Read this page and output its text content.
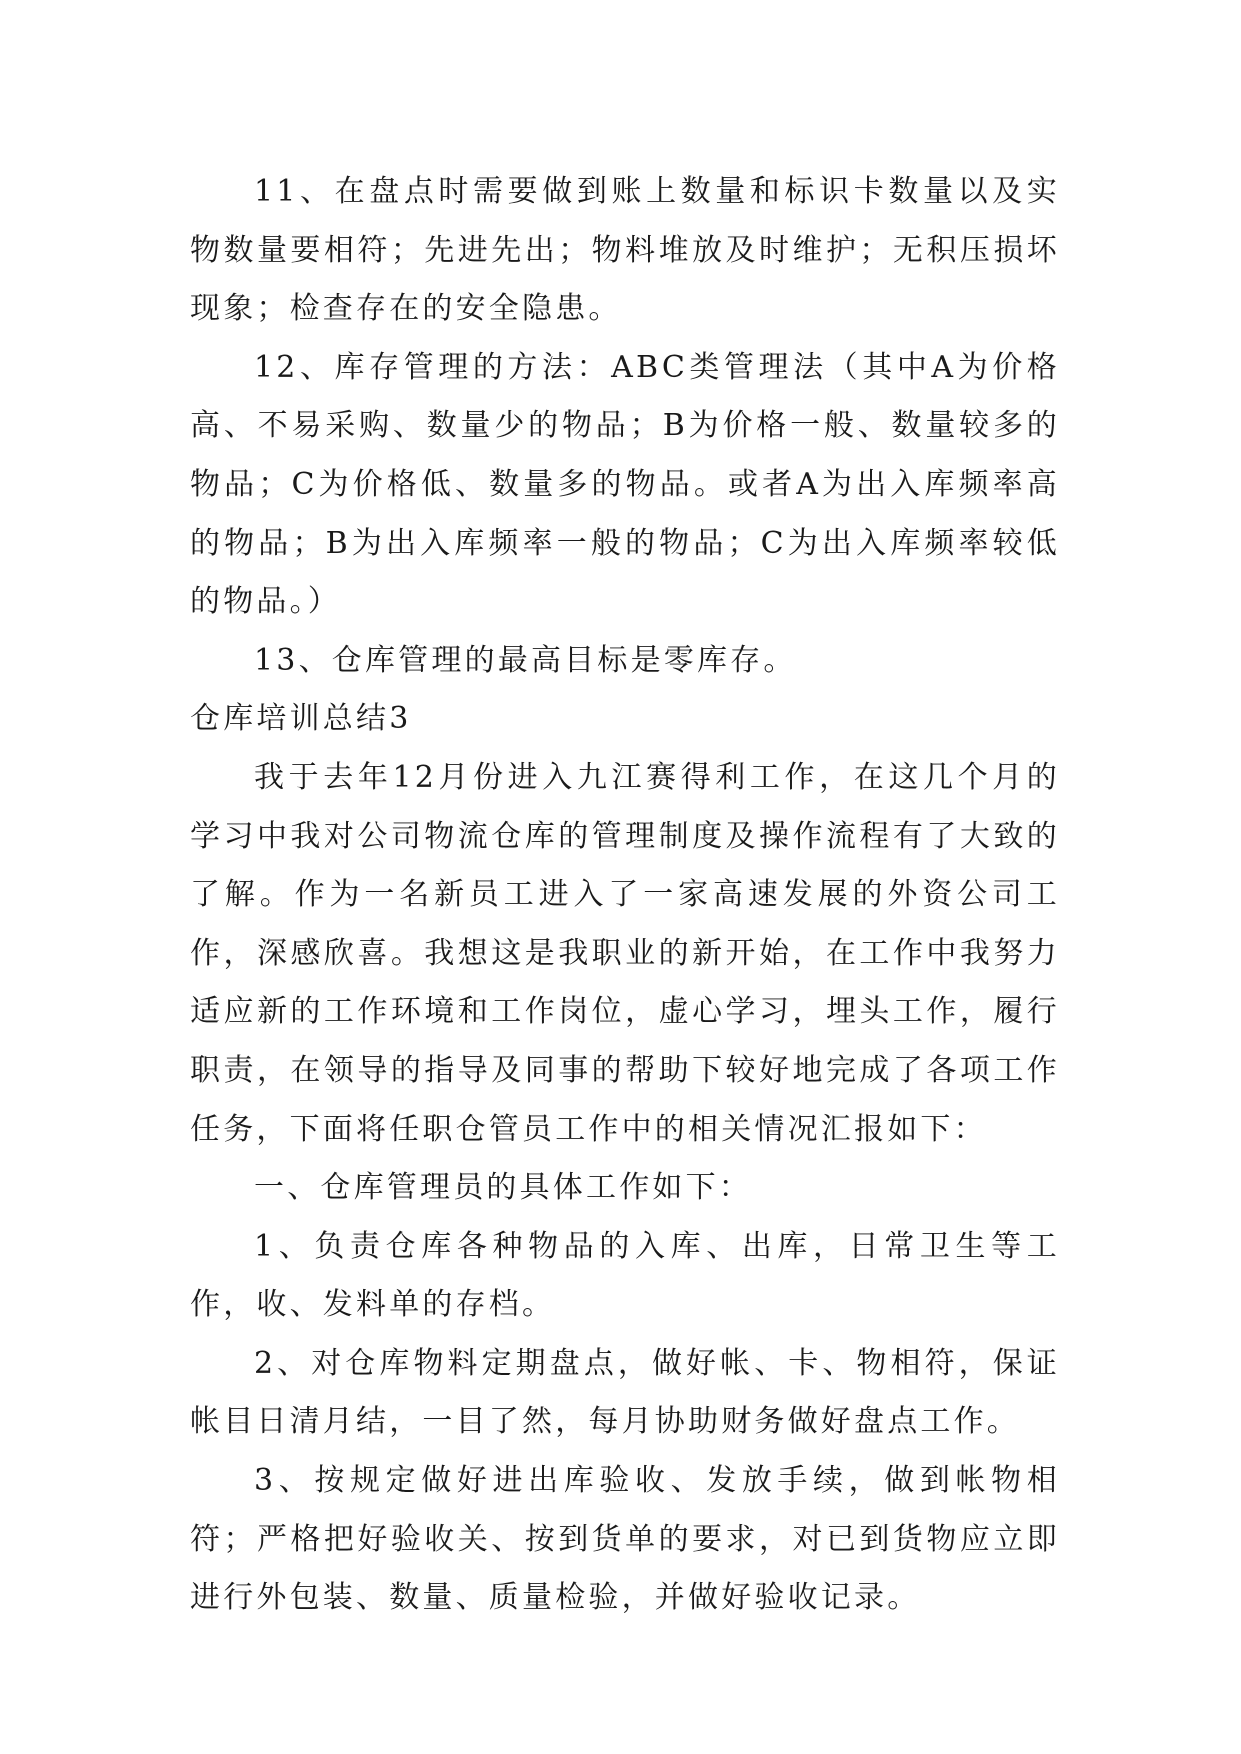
11、在盘点时需要做到账上数量和标识卡数量以及实物数量要相符；先进先出；物料堆放及时维护；无积压损坏现象；检查存在的安全隐患。

12、库存管理的方法：ABC类管理法（其中A为价格高、不易采购、数量少的物品；B为价格一般、数量较多的物品；C为价格低、数量多的物品。或者A为出入库频率高的物品；B为出入库频率一般的物品；C为出入库频率较低的物品。）

13、仓库管理的最高目标是零库存。

仓库培训总结3

我于去年12月份进入九江赛得利工作，在这几个月的学习中我对公司物流仓库的管理制度及操作流程有了大致的了解。作为一名新员工进入了一家高速发展的外资公司工作，深感欣喜。我想这是我职业的新开始，在工作中我努力适应新的工作环境和工作岗位，虚心学习，埋头工作，履行职责，在领导的指导及同事的帮助下较好地完成了各项工作任务，下面将任职仓管员工作中的相关情况汇报如下：

一、仓库管理员的具体工作如下：

1、负责仓库各种物品的入库、出库，日常卫生等工作，收、发料单的存档。

2、对仓库物料定期盘点，做好帐、卡、物相符，保证帐目日清月结，一目了然，每月协助财务做好盘点工作。

3、按规定做好进出库验收、发放手续，做到帐物相符；严格把好验收关、按到货单的要求，对已到货物应立即进行外包装、数量、质量检验，并做好验收记录。
